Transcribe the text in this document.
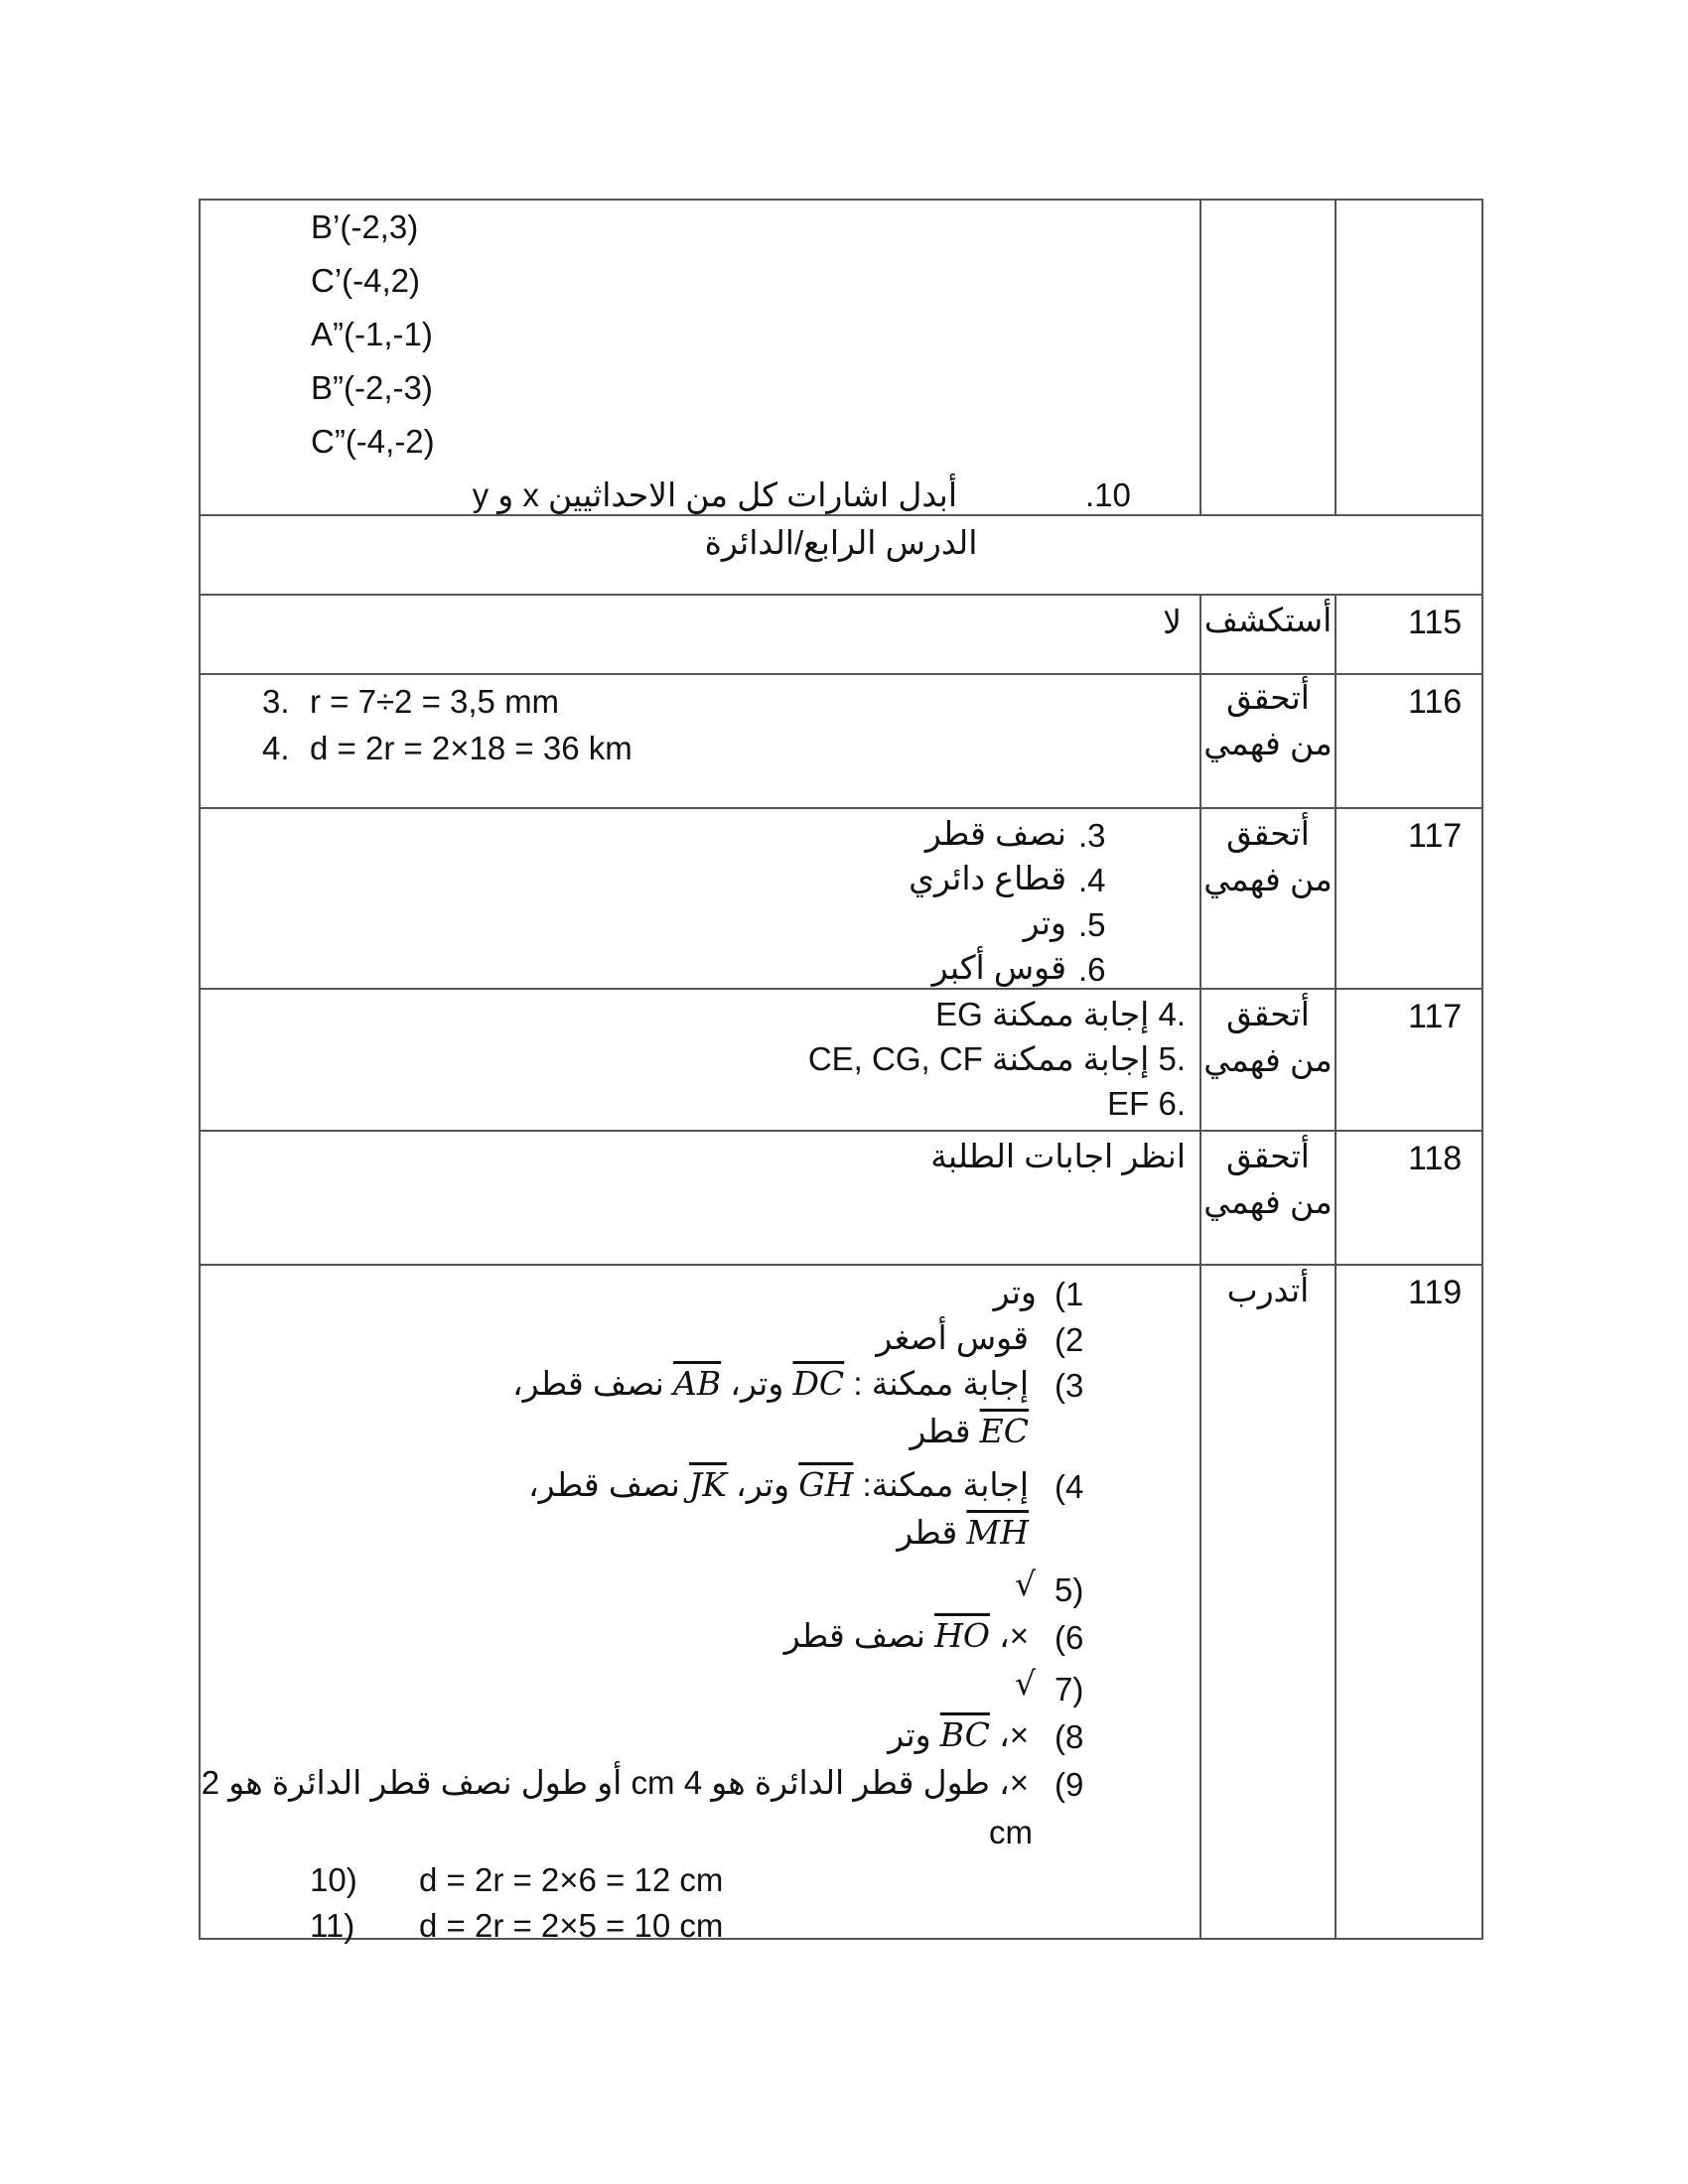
B’(-2,3)
C’(-4,2)
A”(-1,-1)
B”(-2,-3)
C”(-4,-2)
.10
أبدل اشارات كل من الاحداثيين x و y
الدرس الرابع/الدائرة
لا أستكشف 115
3. r = 7÷2 = 3,5 mm
4. d = 2r = 2×18 = 36 km
أتحقق من فهمي
116
.3
نصف قطر
.4
قطاع دائري
.5
وتر
.6
قوس أكبر
أتحقق من فهمي
117
.4 إجابة ممكنة EG
.5 إجابة ممكنة CE, CG, CF
.6 EF
أتحقق من فهمي
117
انظر اجابات الطلبة	أتحقق من فهمي
118
(1
وتر
(2
قوس أصغر
(3
إجابة ممكنة : DC وتر، AB نصف قطر،
EC قطر
(4
إجابة ممكنة: GH وتر، JK نصف قطر،
MH قطر
5)
√
(6
×، HO نصف قطر
7)
√
(8
×، BC وتر
(9
×، طول قطر الدائرة هو 4 cm أو طول نصف قطر الدائرة هو 2
cm
10) d = 2r = 2×6 = 12 cm
11) d = 2r = 2×5 = 10 cm
أتدرب	119
